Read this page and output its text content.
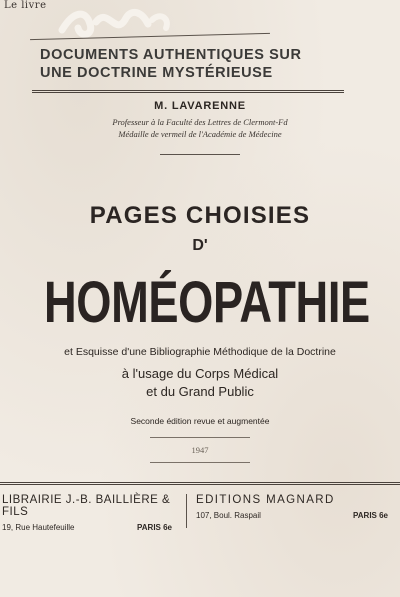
Le livre
DOCUMENTS AUTHENTIQUES SUR
UNE DOCTRINE MYSTÉRIEUSE
M. LAVARENNE
Professeur à la Faculté des Lettres de Clermont-Fd
Médaille de vermeil de l'Académie de Médecine
PAGES CHOISIES
D'
HOMÉOPATHIE
et Esquisse d'une Bibliographie Méthodique de la Doctrine
à l'usage du Corps Médical
et du Grand Public
Seconde édition revue et augmentée
1947
LIBRAIRIE J.-B. BAILLIÈRE & FILS
19, Rue Hautefeuille	PARIS 6e
EDITIONS MAGNARD
107, Boul. Raspail	PARIS 6e
